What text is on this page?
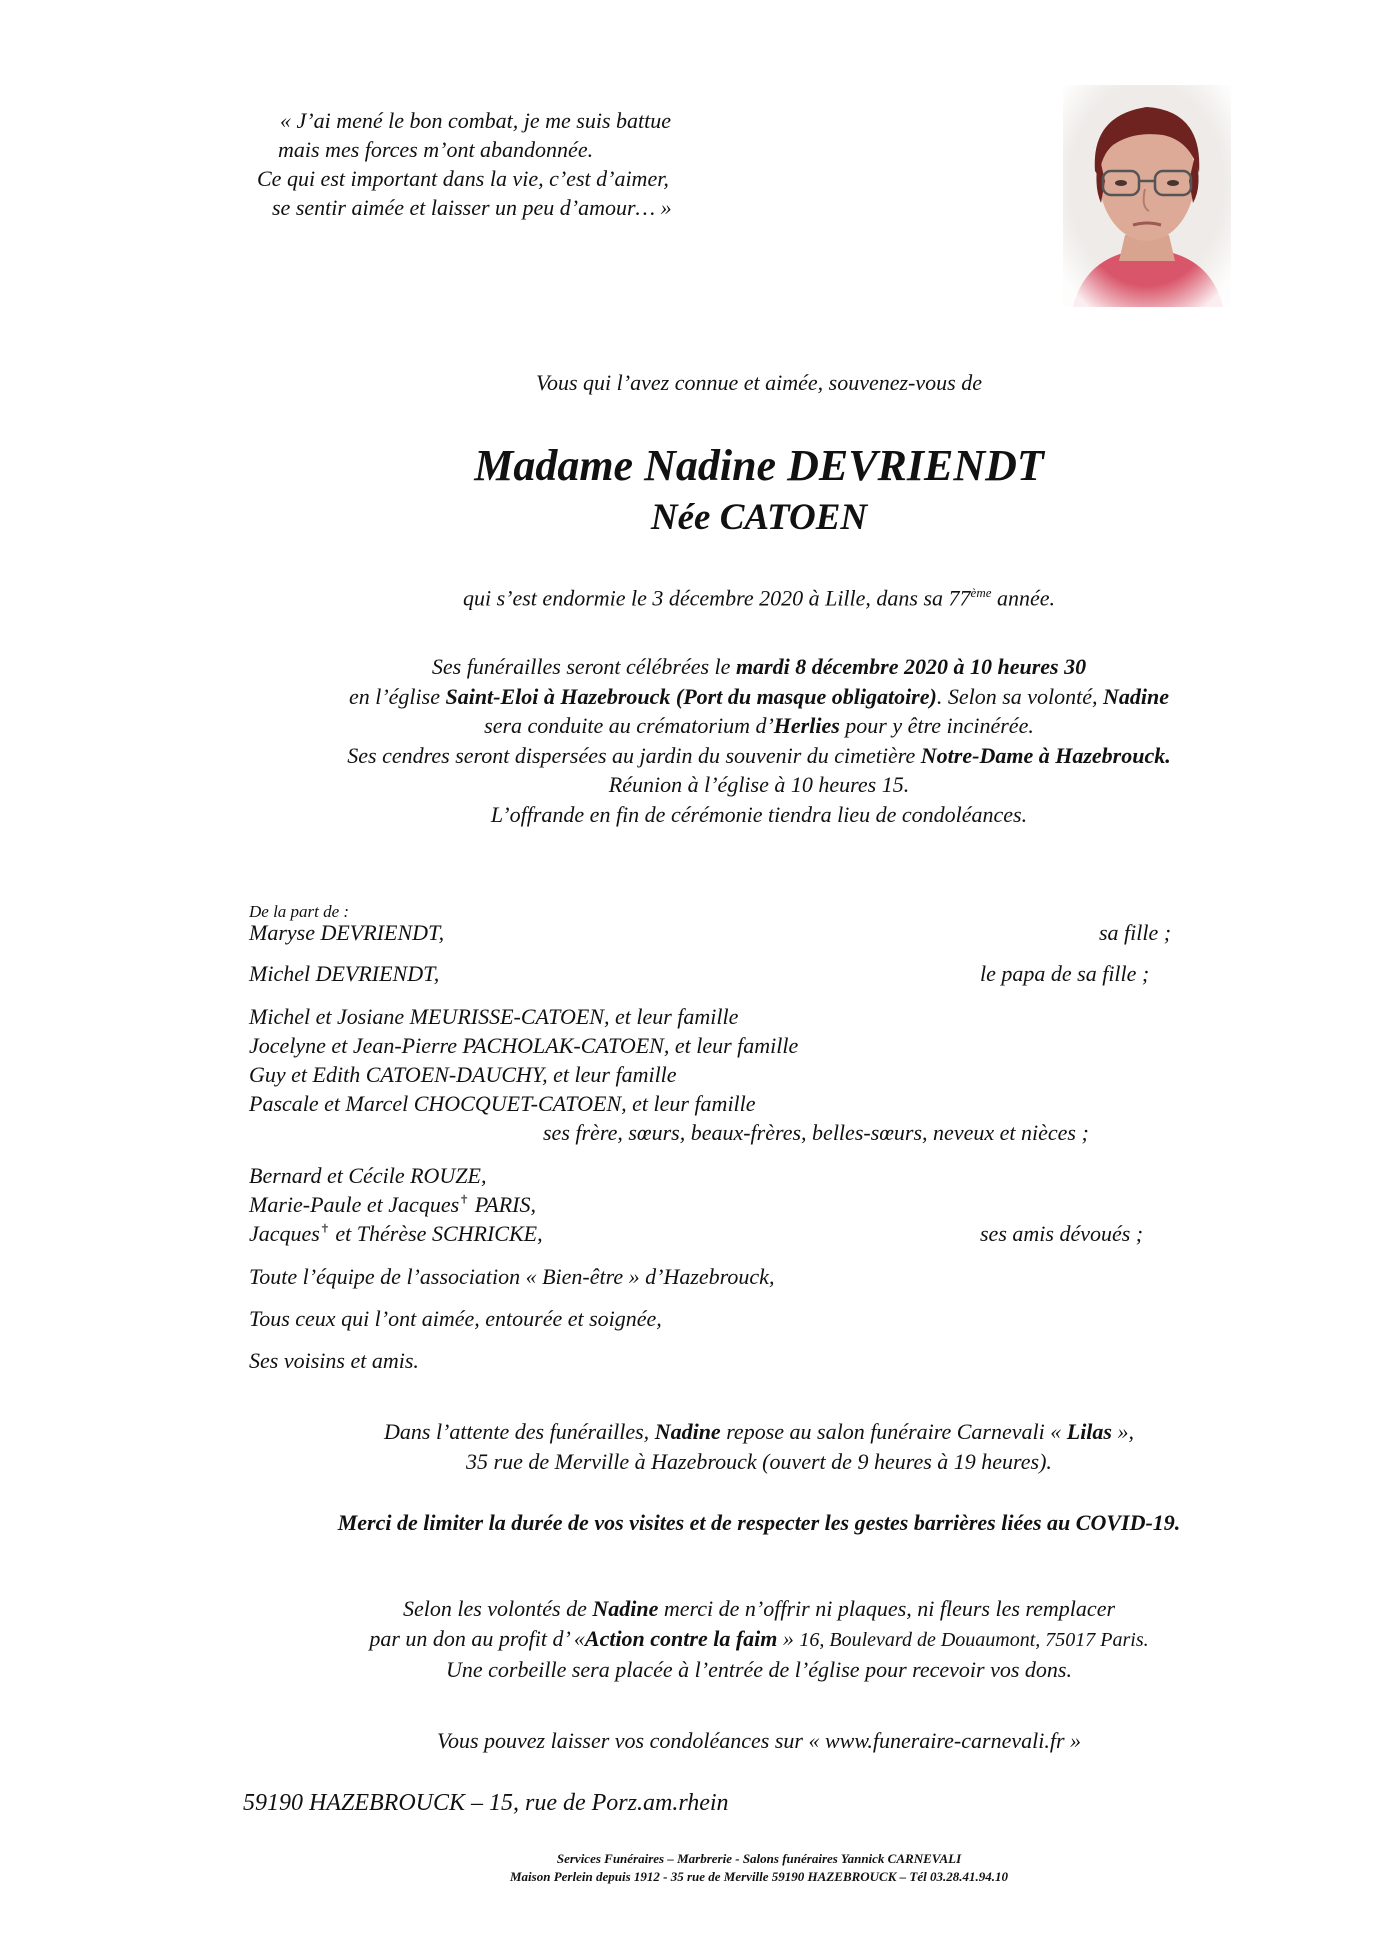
« J’ai mené le bon combat, je me suis battue
mais mes forces m’ont abandonnée.
Ce qui est important dans la vie, c’est d’aimer,
se sentir aimée et laisser un peu d’amour… »
Vous qui l’avez connue et aimée, souvenez-vous de
Madame Nadine DEVRIENDT
Née CATOEN
qui s’est endormie le 3 décembre 2020 à Lille, dans sa 77ème année.
Ses funérailles seront célébrées le mardi 8 décembre 2020 à 10 heures 30
en l’église Saint-Eloi à Hazebrouck (Port du masque obligatoire). Selon sa volonté, Nadine
sera conduite au crématorium d’Herlies pour y être incinérée.
Ses cendres seront dispersées au jardin du souvenir du cimetière Notre-Dame à Hazebrouck.
Réunion à l’église à 10 heures 15.
L’offrande en fin de cérémonie tiendra lieu de condoléances.
De la part de :
Maryse DEVRIENDT,	sa fille ;
Michel DEVRIENDT,	le papa de sa fille ;
Michel et Josiane MEURISSE-CATOEN, et leur famille
Jocelyne et Jean-Pierre PACHOLAK-CATOEN, et leur famille
Guy et Edith CATOEN-DAUCHY, et leur famille
Pascale et Marcel CHOCQUET-CATOEN, et leur famille
ses frère, sœurs, beaux-frères, belles-sœurs, neveux et nièces ;
Bernard et Cécile ROUZE,
Marie-Paule et Jacques✝ PARIS,
Jacques✝ et Thérèse SCHRICKE,	ses amis dévoués ;
Toute l’équipe de l’association « Bien-être » d’Hazebrouck,
Tous ceux qui l’ont aimée, entourée et soignée,
Ses voisins et amis.
Dans l’attente des funérailles, Nadine repose au salon funéraire Carnevali « Lilas »,
35 rue de Merville à Hazebrouck (ouvert de 9 heures à 19 heures).
Merci de limiter la durée de vos visites et de respecter les gestes barrières liées au COVID-19.
Selon les volontés de Nadine merci de n’offrir ni plaques, ni fleurs les remplacer
par un don au profit d’ «Action contre la faim » 16, Boulevard de Douaumont, 75017 Paris.
Une corbeille sera placée à l’entrée de l’église pour recevoir vos dons.
Vous pouvez laisser vos condoléances sur « www.funeraire-carnevali.fr »
59190 HAZEBROUCK – 15, rue de Porz.am.rhein
Services Funéraires – Marbrerie - Salons funéraires Yannick CARNEVALI
Maison Perlein depuis 1912 - 35 rue de Merville 59190 HAZEBROUCK – Tél 03.28.41.94.10
